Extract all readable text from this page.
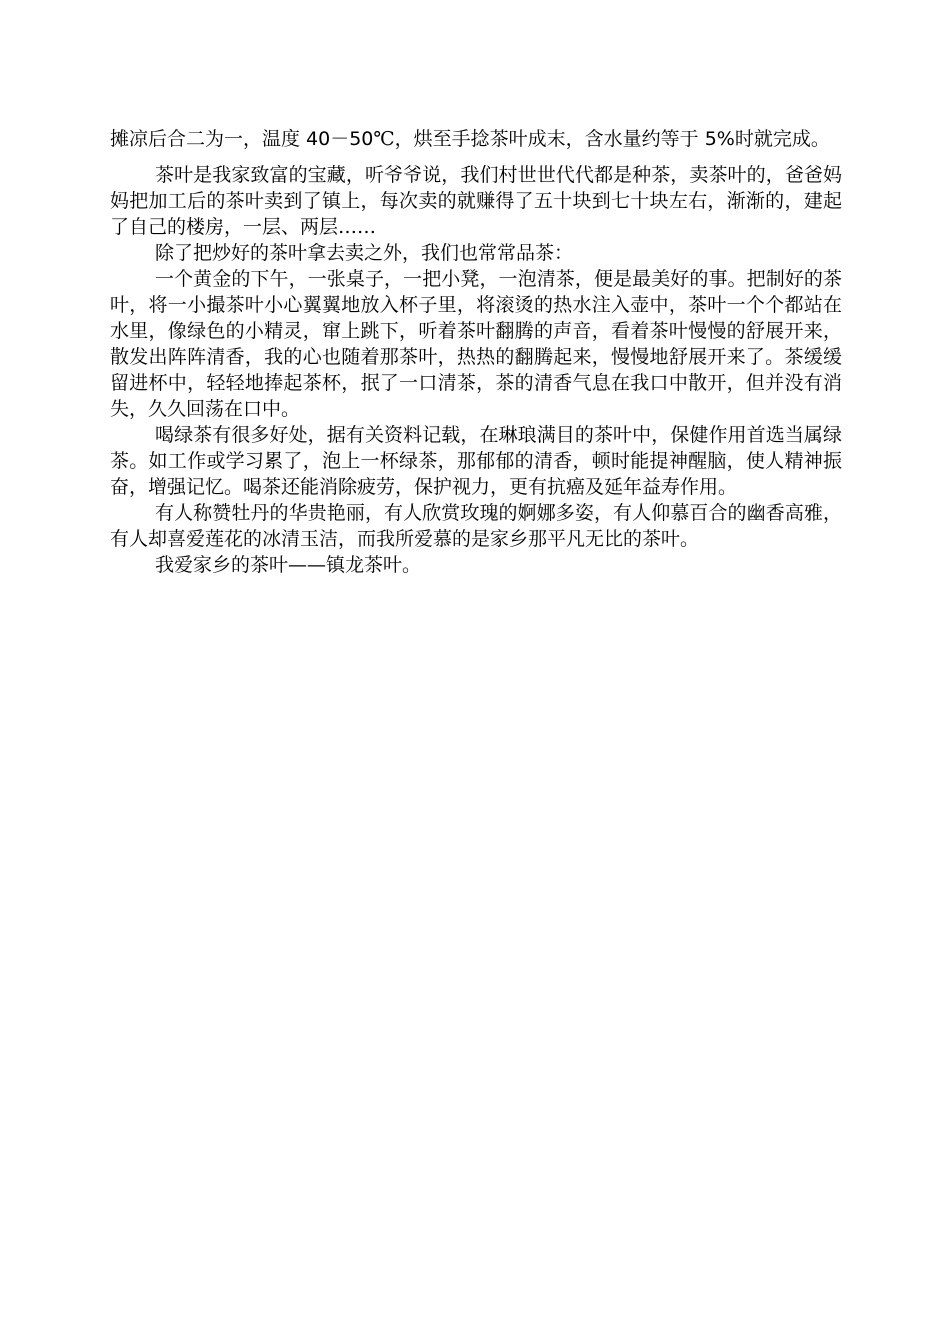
摊凉后合二为一，温度 40－50℃，烘至手捻茶叶成末，含水量约等于 5%时就完成。

茶叶是我家致富的宝藏，听爷爷说，我们村世世代代都是种茶，卖茶叶的，爸爸妈妈把加工后的茶叶卖到了镇上，每次卖的就赚得了五十块到七十块左右，渐渐的，建起了自己的楼房，一层、两层……

除了把炒好的茶叶拿去卖之外，我们也常常品茶：

一个黄金的下午，一张桌子，一把小凳，一泡清茶，便是最美好的事。把制好的茶叶，将一小撮茶叶小心翼翼地放入杯子里，将滚烫的热水注入壶中，茶叶一个个都站在水里，像绿色的小精灵，窜上跳下，听着茶叶翻腾的声音，看着茶叶慢慢的舒展开来，散发出阵阵清香，我的心也随着那茶叶，热热的翻腾起来，慢慢地舒展开来了。茶缓缓留进杯中，轻轻地捧起茶杯，抿了一口清茶，茶的清香气息在我口中散开，但并没有消失，久久回荡在口中。

喝绿茶有很多好处，据有关资料记载，在琳琅满目的茶叶中，保健作用首选当属绿茶。如工作或学习累了，泡上一杯绿茶，那郁郁的清香，顿时能提神醒脑，使人精神振奋，增强记忆。喝茶还能消除疲劳，保护视力，更有抗癌及延年益寿作用。

有人称赞牡丹的华贵艳丽，有人欣赏玫瑰的婀娜多姿，有人仰慕百合的幽香高雅，有人却喜爱莲花的冰清玉洁，而我所爱慕的是家乡那平凡无比的茶叶。

我爱家乡的茶叶——镇龙茶叶。
